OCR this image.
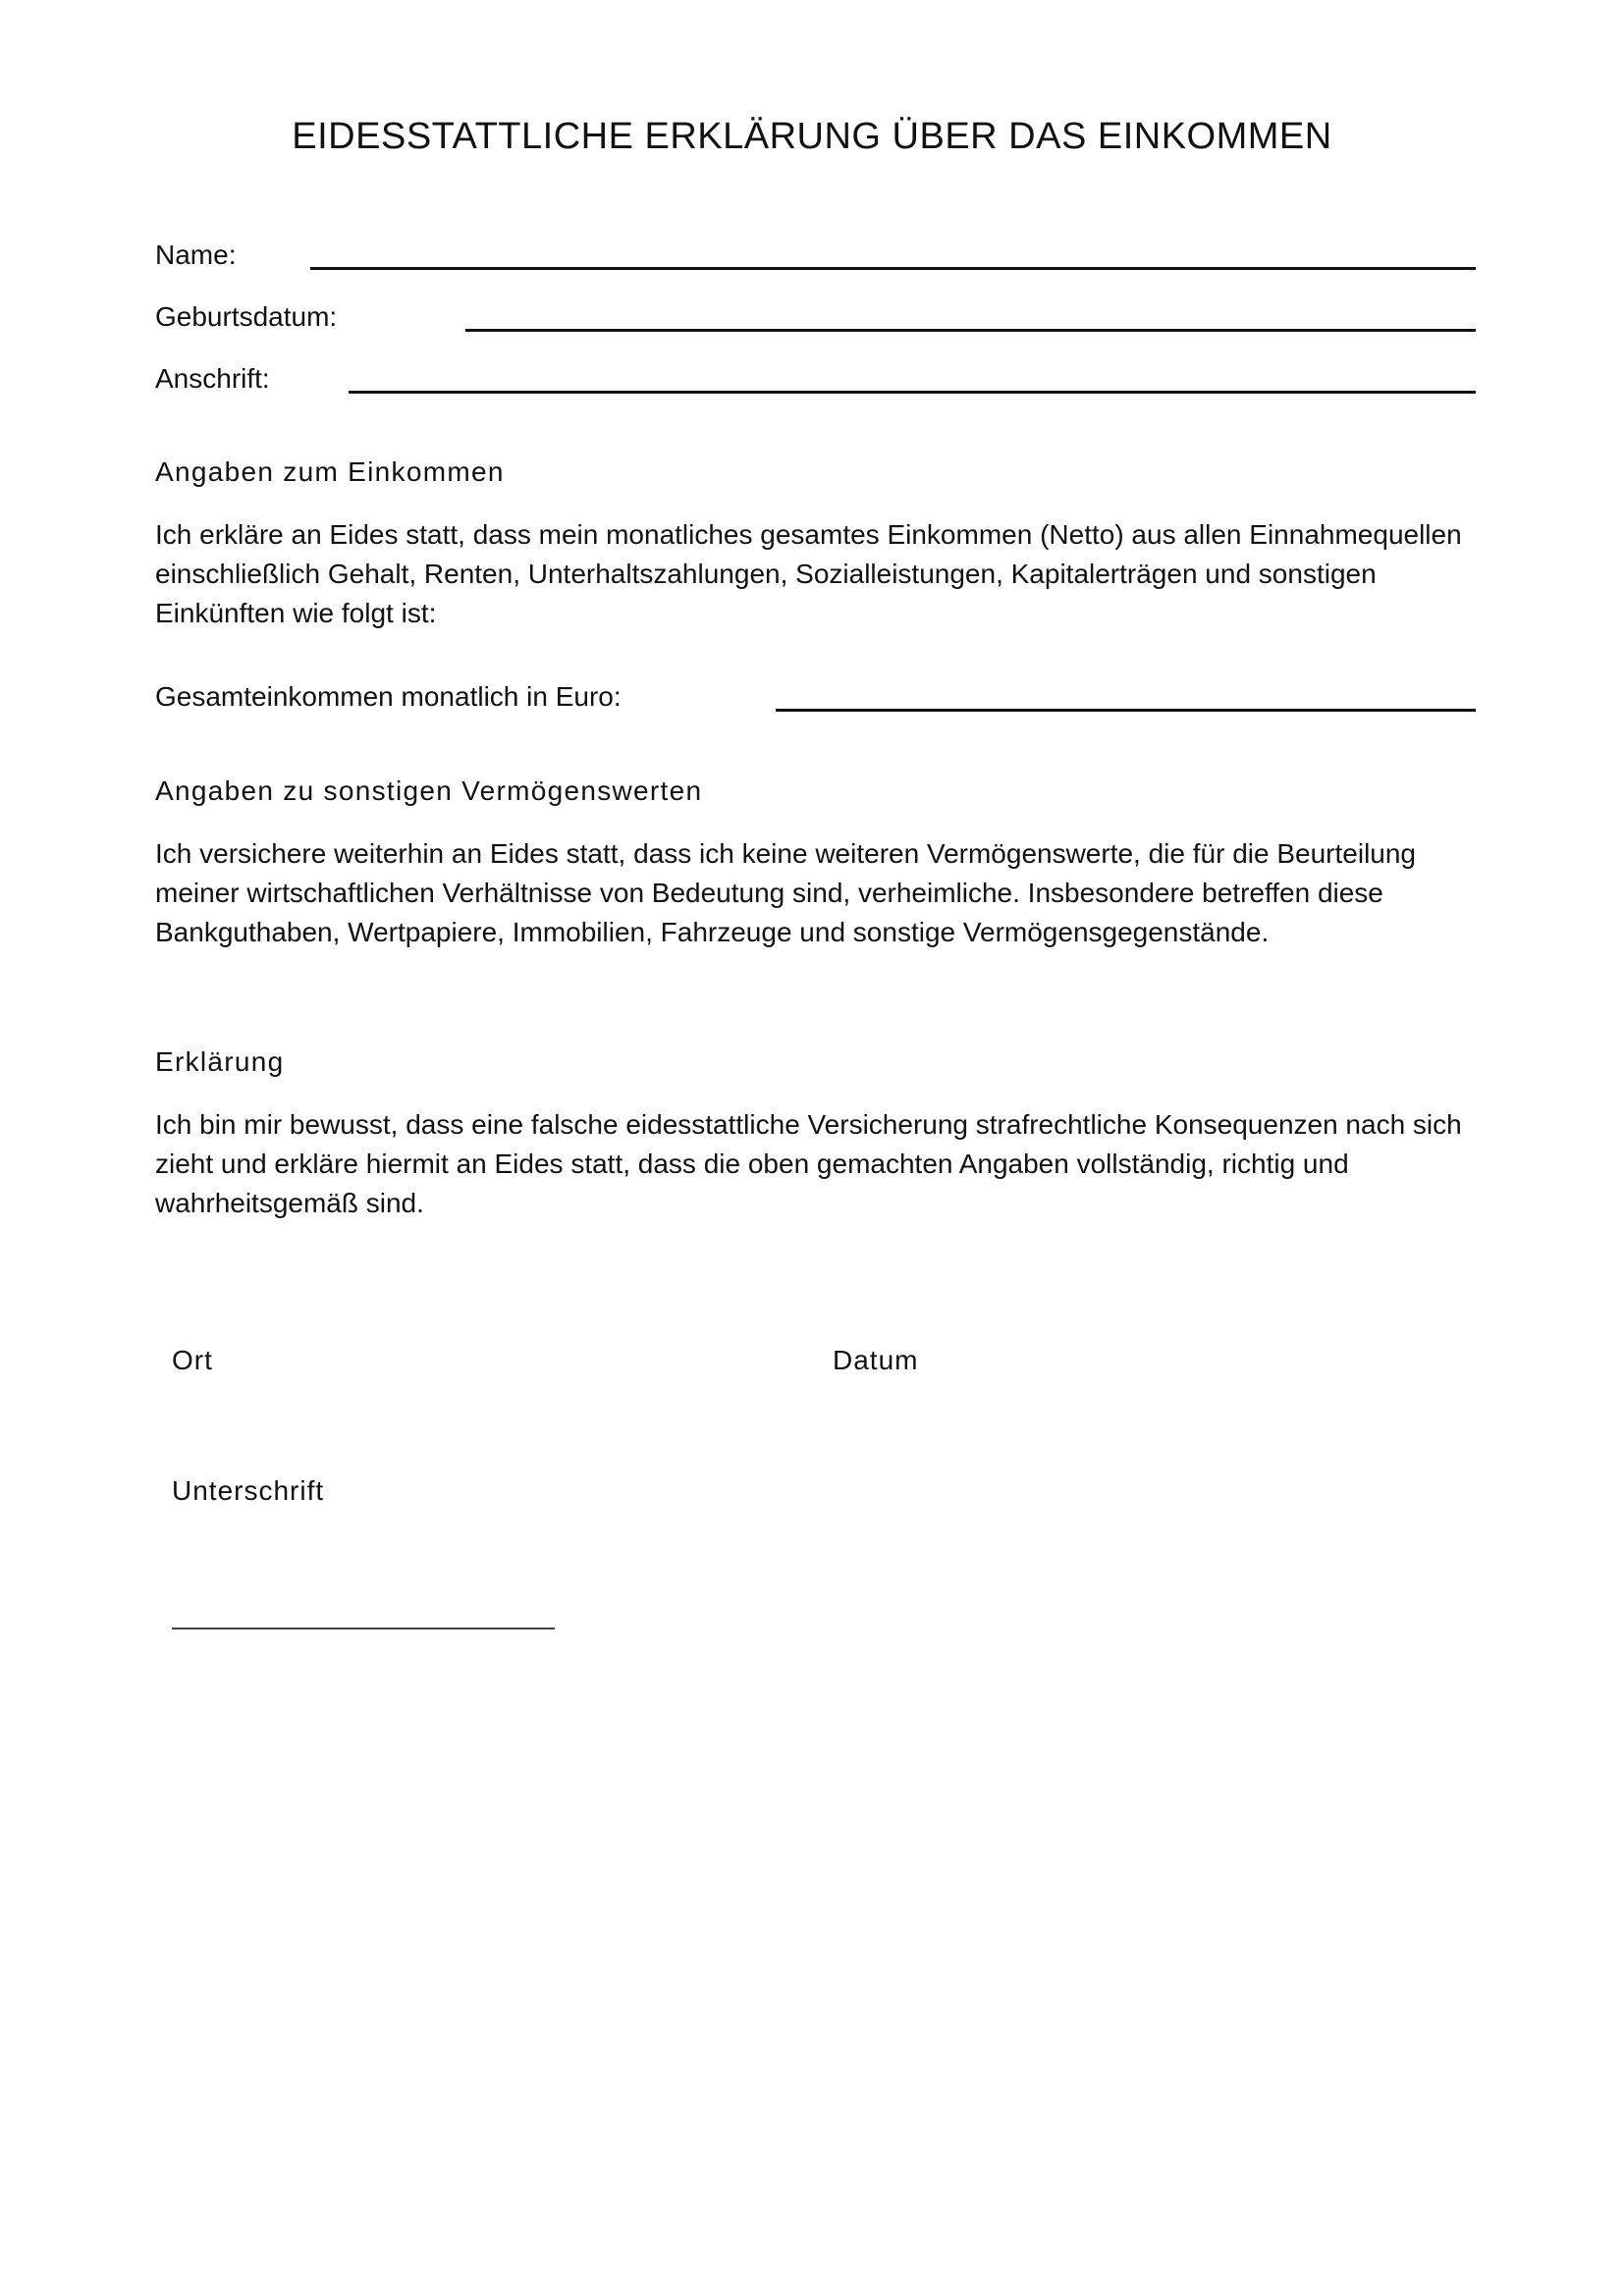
EIDESSTATTLICHE ERKLÄRUNG ÜBER DAS EINKOMMEN
Name:
Geburtsdatum:
Anschrift:
Angaben zum Einkommen

Ich erkläre an Eides statt, dass mein monatliches gesamtes Einkommen (Netto) aus allen Einnahmequellen einschließlich Gehalt, Renten, Unterhaltszahlungen, Sozialleistungen, Kapitalerträgen und sonstigen Einkünften wie folgt ist:

Gesamteinkommen monatlich in Euro:
Angaben zu sonstigen Vermögenswerten

Ich versichere weiterhin an Eides statt, dass ich keine weiteren Vermögenswerte, die für die Beurteilung meiner wirtschaftlichen Verhältnisse von Bedeutung sind, verheimliche. Insbesondere betreffen diese Bankguthaben, Wertpapiere, Immobilien, Fahrzeuge und sonstige Vermögensgegenstände.

Erklärung

Ich bin mir bewusst, dass eine falsche eidesstattliche Versicherung strafrechtliche Konsequenzen nach sich zieht und erkläre hiermit an Eides statt, dass die oben gemachten Angaben vollständig, richtig und wahrheitsgemäß sind.

Ort	Datum
Unterschrift
